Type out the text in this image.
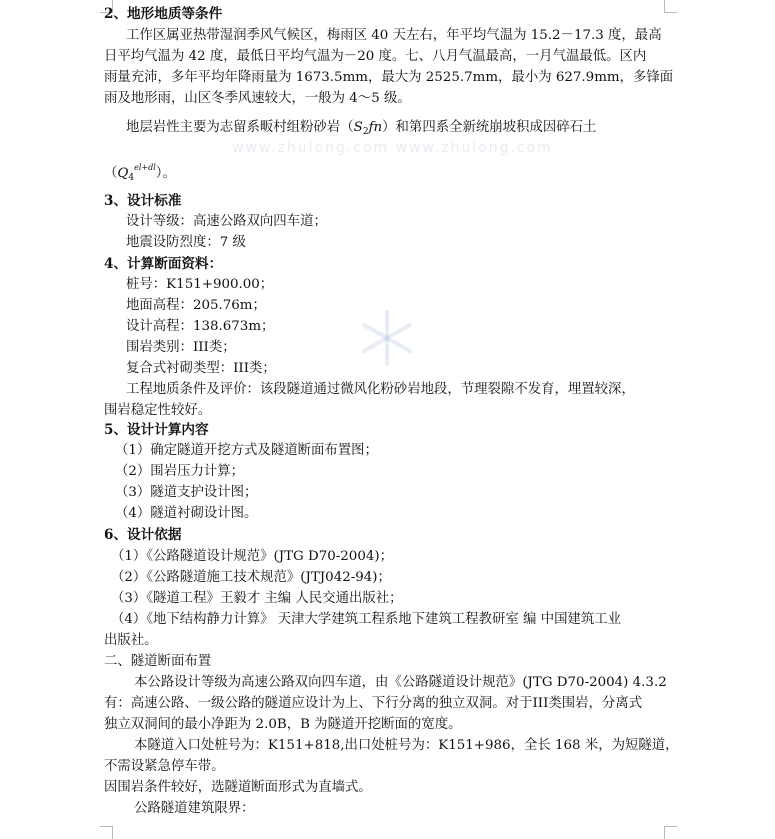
www.zhulong.com www.zhulong.com
2、地形地质等条件
工作区属亚热带湿润季风气候区，梅雨区 40 天左右，年平均气温为 15.2－17.3 度，最高
日平均气温为 42 度，最低日平均气温为－20 度。七、八月气温最高，一月气温最低。区内
雨量充沛，多年平均年降雨量为 1673.5mm，最大为 2525.7mm，最小为 627.9mm，多锋面
雨及地形雨，山区冬季风速较大，一般为 4～5 级。
地层岩性主要为志留系畈村组粉砂岩$(S_2fn)$和第四系全新统崩坡积成因碎石土
$(Q_4^{el+dl})$。
3、设计标准
设计等级：高速公路双向四车道；
地震设防烈度：7 级
4、计算断面资料：
桩号：K151+900.00；
地面高程：205.76m；
设计高程：138.673m；
围岩类别：III类；
复合式衬砌类型：III类；
工程地质条件及评价：该段隧道通过微风化粉砂岩地段，节理裂隙不发育，埋置较深，
围岩稳定性较好。
5、设计计算内容
（1）确定隧道开挖方式及隧道断面布置图；
（2）围岩压力计算；
（3）隧道支护设计图；
（4）隧道衬砌设计图。
6、设计依据
（1）《公路隧道设计规范》(JTG D70-2004)；
（2）《公路隧道施工技术规范》(JTJ042-94)；
（3）《隧道工程》王毅才 主编 人民交通出版社；
（4）《地下结构静力计算》 天津大学建筑工程系地下建筑工程教研室 编 中国建筑工业
出版社。
二、隧道断面布置
本公路设计等级为高速公路双向四车道，由《公路隧道设计规范》(JTG D70-2004) 4.3.2
有：高速公路、一级公路的隧道应设计为上、下行分离的独立双洞。对于III类围岩，分离式
独立双洞间的最小净距为 2.0B，B 为隧道开挖断面的宽度。
本隧道入口处桩号为：K151+818,出口处桩号为：K151+986，全长 168 米，为短隧道，
不需设紧急停车带。
因围岩条件较好，选隧道断面形式为直墙式。
公路隧道建筑限界：
